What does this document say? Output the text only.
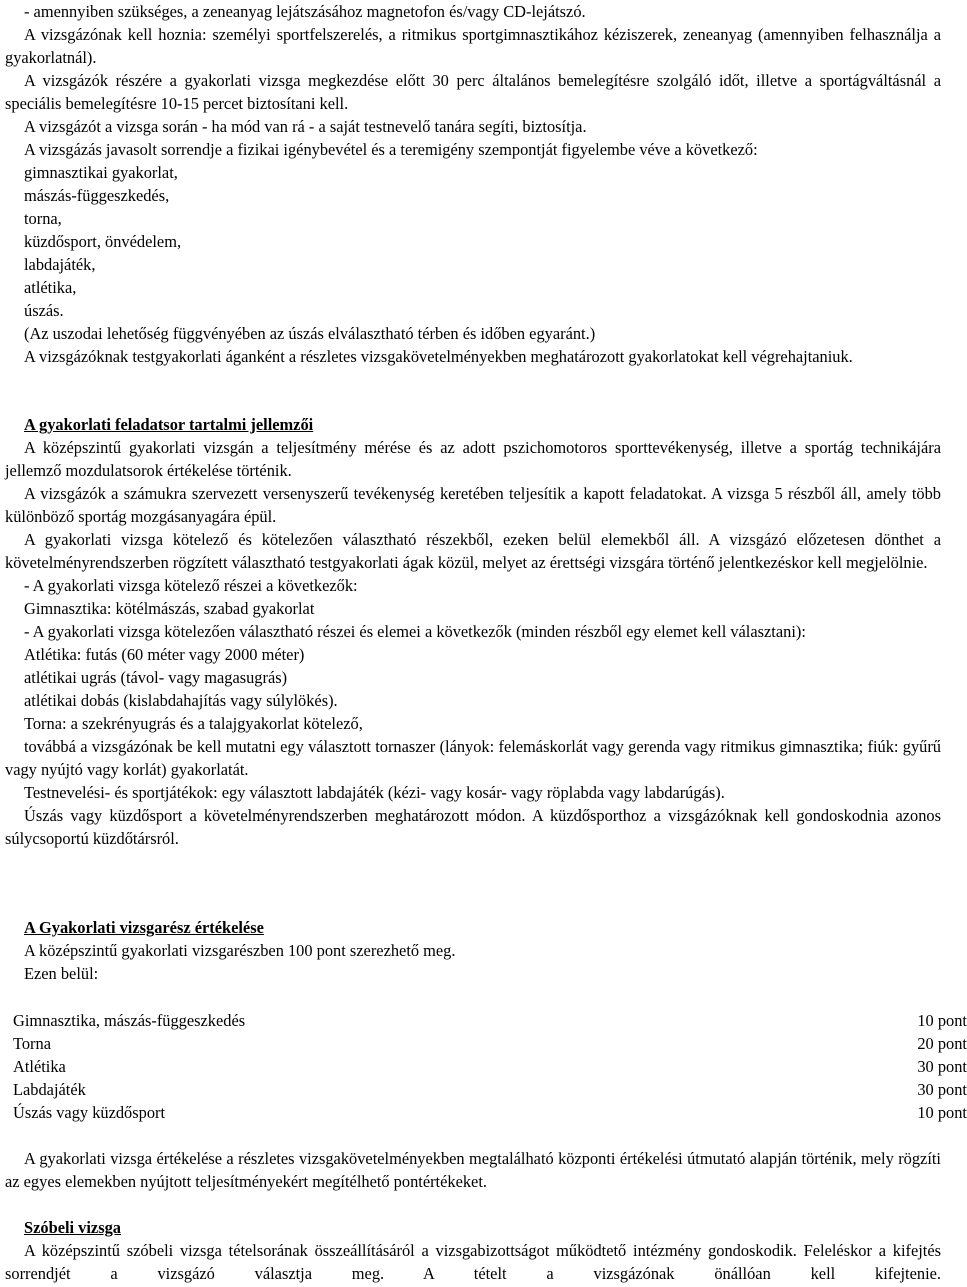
- amennyiben szükséges, a zeneanyag lejátszásához magnetofon és/vagy CD-lejátszó.

A vizsgázónak kell hoznia: személyi sportfelszerelés, a ritmikus sportgimnasztikához kéziszerek, zeneanyag (amennyiben felhasználja a gyakorlatnál).

A vizsgázók részére a gyakorlati vizsga megkezdése előtt 30 perc általános bemelegítésre szolgáló időt, illetve a sportágváltásnál a speciális bemelegítésre 10-15 percet biztosítani kell.

A vizsgázót a vizsga során - ha mód van rá - a saját testnevelő tanára segíti, biztosítja.

A vizsgázás javasolt sorrendje a fizikai igénybevétel és a teremigény szempontját figyelembe véve a következő:

gimnasztikai gyakorlat,

mászás-függeszkedés,

torna,

küzdősport, önvédelem,

labdajáték,

atlétika,

úszás.

(Az uszodai lehetőség függvényében az úszás elválasztható térben és időben egyaránt.)

A vizsgázóknak testgyakorlati áganként a részletes vizsgakövetelményekben meghatározott gyakorlatokat kell végrehajtaniuk.

A gyakorlati feladatsor tartalmi jellemzői

A középszintű gyakorlati vizsgán a teljesítmény mérése és az adott pszichomotoros sporttevékenység, illetve a sportág technikájára jellemző mozdulatsorok értékelése történik.

A vizsgázók a számukra szervezett versenyszerű tevékenység keretében teljesítik a kapott feladatokat. A vizsga 5 részből áll, amely több különböző sportág mozgásanyagára épül.

A gyakorlati vizsga kötelező és kötelezően választható részekből, ezeken belül elemekből áll. A vizsgázó előzetesen dönthet a követelményrendszerben rögzített választható testgyakorlati ágak közül, melyet az érettségi vizsgára történő jelentkezéskor kell megjelölnie.

- A gyakorlati vizsga kötelező részei a következők:

Gimnasztika: kötélmászás, szabad gyakorlat

- A gyakorlati vizsga kötelezően választható részei és elemei a következők (minden részből egy elemet kell választani):

Atlétika: futás (60 méter vagy 2000 méter)

atlétikai ugrás (távol- vagy magasugrás)

atlétikai dobás (kislabdahajítás vagy súlylökés).

Torna: a szekrényugrás és a talajgyakorlat kötelező,

továbbá a vizsgázónak be kell mutatni egy választott tornaszer (lányok: felemáskorlát vagy gerenda vagy ritmikus gimnasztika; fiúk: gyűrű vagy nyújtó vagy korlát) gyakorlatát.

Testnevelési- és sportjátékok: egy választott labdajáték (kézi- vagy kosár- vagy röplabda vagy labdarúgás).

Úszás vagy küzdősport a követelményrendszerben meghatározott módon. A küzdősporthoz a vizsgázóknak kell gondoskodnia azonos súlycsoportú küzdőtársról.

A Gyakorlati vizsgarész értékelése

A középszintű gyakorlati vizsgarészben 100 pont szerezhető meg.

Ezen belül:

Gimnasztika, mászás-függeszkedés	10 pont
Torna	20 pont
Atlétika	30 pont
Labdajáték	30 pont
Úszás vagy küzdősport	10 pont

A gyakorlati vizsga értékelése a részletes vizsgakövetelményekben megtalálható központi értékelési útmutató alapján történik, mely rögzíti az egyes elemekben nyújtott teljesítményekért megítélhető pontértékeket.

Szóbeli vizsga

A középszintű szóbeli vizsga tételsorának összeállításáról a vizsgabizottságot működtető intézmény gondoskodik. Feleléskor a kifejtés sorrendjét a vizsgázó választja meg. A tételt a vizsgázónak önállóan kell kifejtenie.
